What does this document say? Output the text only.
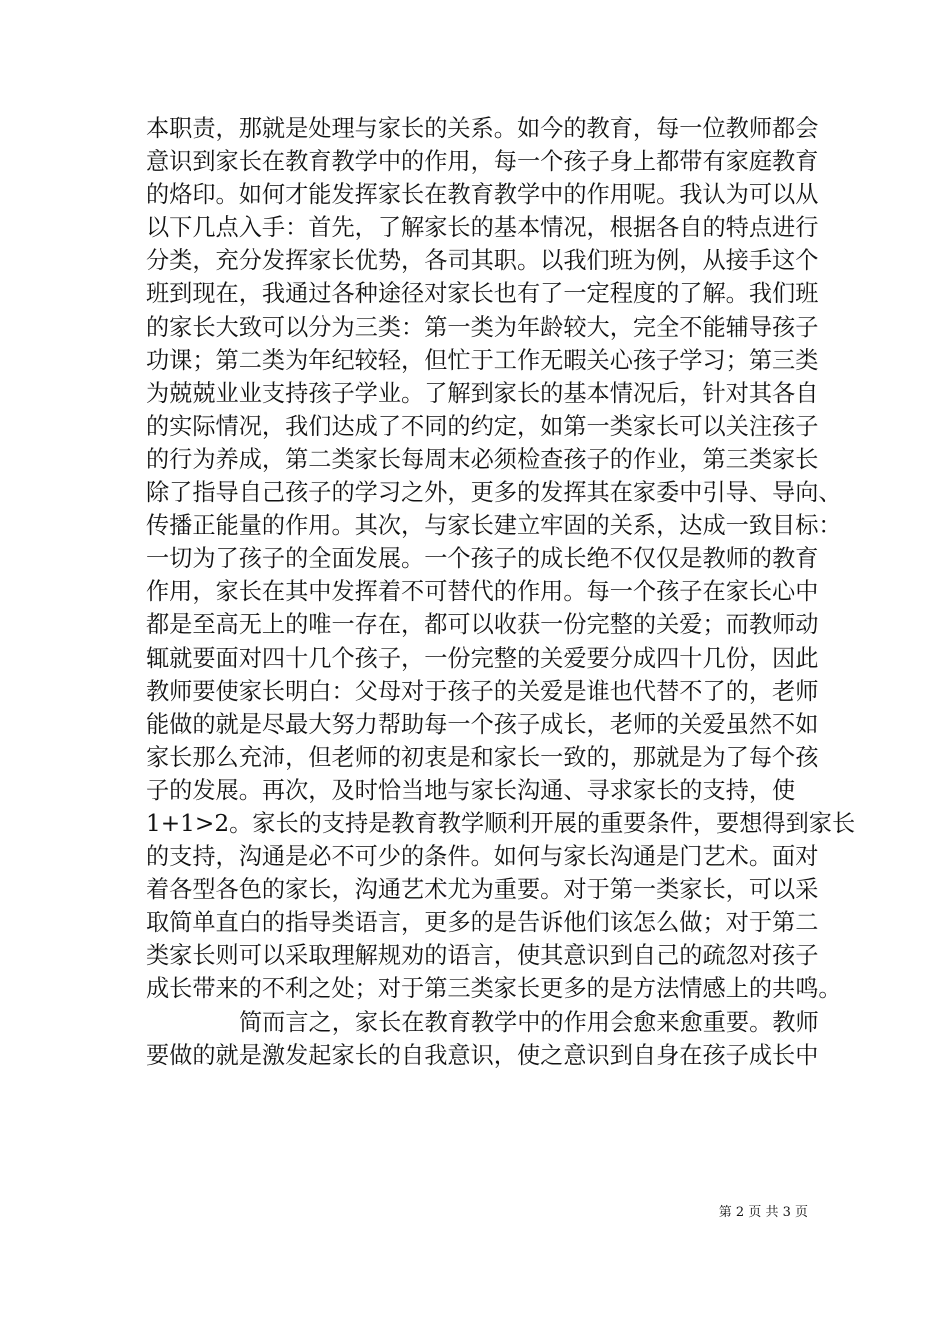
本职责，那就是处理与家长的关系。如今的教育，每一位教师都会
意识到家长在教育教学中的作用，每一个孩子身上都带有家庭教育
的烙印。如何才能发挥家长在教育教学中的作用呢。我认为可以从
以下几点入手：首先，了解家长的基本情况，根据各自的特点进行
分类，充分发挥家长优势，各司其职。以我们班为例，从接手这个
班到现在，我通过各种途径对家长也有了一定程度的了解。我们班
的家长大致可以分为三类：第一类为年龄较大，完全不能辅导孩子
功课；第二类为年纪较轻，但忙于工作无暇关心孩子学习；第三类
为兢兢业业支持孩子学业。了解到家长的基本情况后，针对其各自
的实际情况，我们达成了不同的约定，如第一类家长可以关注孩子
的行为养成，第二类家长每周末必须检查孩子的作业，第三类家长
除了指导自己孩子的学习之外，更多的发挥其在家委中引导、导向、
传播正能量的作用。其次，与家长建立牢固的关系，达成一致目标：
一切为了孩子的全面发展。一个孩子的成长绝不仅仅是教师的教育
作用，家长在其中发挥着不可替代的作用。每一个孩子在家长心中
都是至高无上的唯一存在，都可以收获一份完整的关爱；而教师动
辄就要面对四十几个孩子，一份完整的关爱要分成四十几份，因此
教师要使家长明白：父母对于孩子的关爱是谁也代替不了的，老师
能做的就是尽最大努力帮助每一个孩子成长，老师的关爱虽然不如
家长那么充沛，但老师的初衷是和家长一致的，那就是为了每个孩
子的发展。再次，及时恰当地与家长沟通、寻求家长的支持，使
1+1>2。家长的支持是教育教学顺利开展的重要条件，要想得到家长
的支持，沟通是必不可少的条件。如何与家长沟通是门艺术。面对
着各型各色的家长，沟通艺术尤为重要。对于第一类家长，可以采
取简单直白的指导类语言，更多的是告诉他们该怎么做；对于第二
类家长则可以采取理解规劝的语言，使其意识到自己的疏忽对孩子
成长带来的不利之处；对于第三类家长更多的是方法情感上的共鸣。
简而言之，家长在教育教学中的作用会愈来愈重要。教师
要做的就是激发起家长的自我意识，使之意识到自身在孩子成长中
第 2 页 共 3 页
